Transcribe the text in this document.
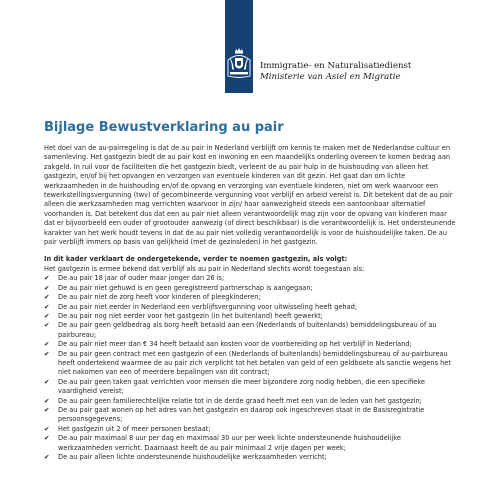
Immigratie- en Naturalisatiedienst
Ministerie van Asiel en Migratie
Bijlage Bewustverklaring au pair

Het doel van de au-pairregeling is dat de au pair in Nederland verblijft om kennis te maken met de Nederlandse cultuur en samenleving. Het gastgezin biedt de au pair kost en inwoning en een maandelijks onderling overeen te komen bedrag aan zakgeld. In ruil voor de faciliteiten die het gastgezin biedt, verleent de au pair hulp in de huishouding van alleen het gastgezin, en/of bij het opvangen en verzorgen van eventuele kinderen van dit gezin. Het gaat dan om lichte werkzaamheden in de huishouding en/of de opvang en verzorging van eventuele kinderen, niet om werk waarvoor een tewerkstellingsvergunning (twv) of gecombineerde vergunning voor verblijf en arbeid vereist is. Dit betekent dat de au pair alleen die werkzaamheden mag verrichten waarvoor in zijn/ haar aanwezigheid steeds een aantoonbaar alternatief voorhanden is. Dat betekent dus dat een au pair niet alleen verantwoordelijk mag zijn voor de opvang van kinderen maar dat er bijvoorbeeld een ouder of grootouder aanwezig (of direct beschikbaar) is die verantwoordelijk is. Het ondersteunende karakter van het werk houdt tevens in dat de au pair niet volledig verantwoordelijk is voor de huishoudelijke taken. De au pair verblijft immers op basis van gelijkheid (met de gezinsleden) in het gastgezin.

In dit kader verklaart de ondergetekende, verder te noemen gastgezin, als volgt:

Het gastgezin is ermee bekend dat verblijf als au pair in Nederland slechts wordt toegestaan als:

✔	De au pair 18 jaar of ouder maar jonger dan 26 is;
✔	De au pair niet gehuwd is en geen geregistreerd partnerschap is aangegaan;
✔	De au pair niet de zorg heeft voor kinderen of pleegkinderen;
✔	De au pair niet eerder in Nederland een verblijfsvergunning voor uitwisseling heeft gehad;
✔	De au pair nog niet eerder voor het gastgezin (in het buitenland) heeft gewerkt;
✔	De au pair geen geldbedrag als borg heeft betaald aan een (Nederlands of buitenlands) bemiddelingsbureau of au pairbureau;
✔	De au pair niet meer dan € 34 heeft betaald aan kosten voor de voorbereiding op het verblijf in Nederland;
✔	De au pair geen contract met een gastgezin of een (Nederlands of buitenlands) bemiddelingsbureau of au-pairbureau heeft ondertekend waarmee de au pair zich verplicht tot het betalen van geld of een geldboete als sanctie wegens het niet nakomen van een of meerdere bepalingen van dit contract;
✔	De au pair geen taken gaat verrichten voor mensen die meer bijzondere zorg nodig hebben, die een specifieke vaardigheid vereist;
✔	De au pair geen familierechtelijke relatie tot in de derde graad heeft met een van de leden van het gastgezin;
✔	De au pair gaat wonen op het adres van het gastgezin en daarop ook ingeschreven staat in de Basisregistratie persoonsgegevens;
✔	Het gastgezin uit 2 of meer personen bestaat;
✔	De au pair maximaal 8 uur per dag en maximaal 30 uur per week lichte ondersteunende huishoudelijke werkzaamheden verricht. Daarnaast heeft de au pair minimaal 2 vrije dagen per week;
✔	De au pair alleen lichte ondersteunende huishoudelijke werkzaamheden verricht;
